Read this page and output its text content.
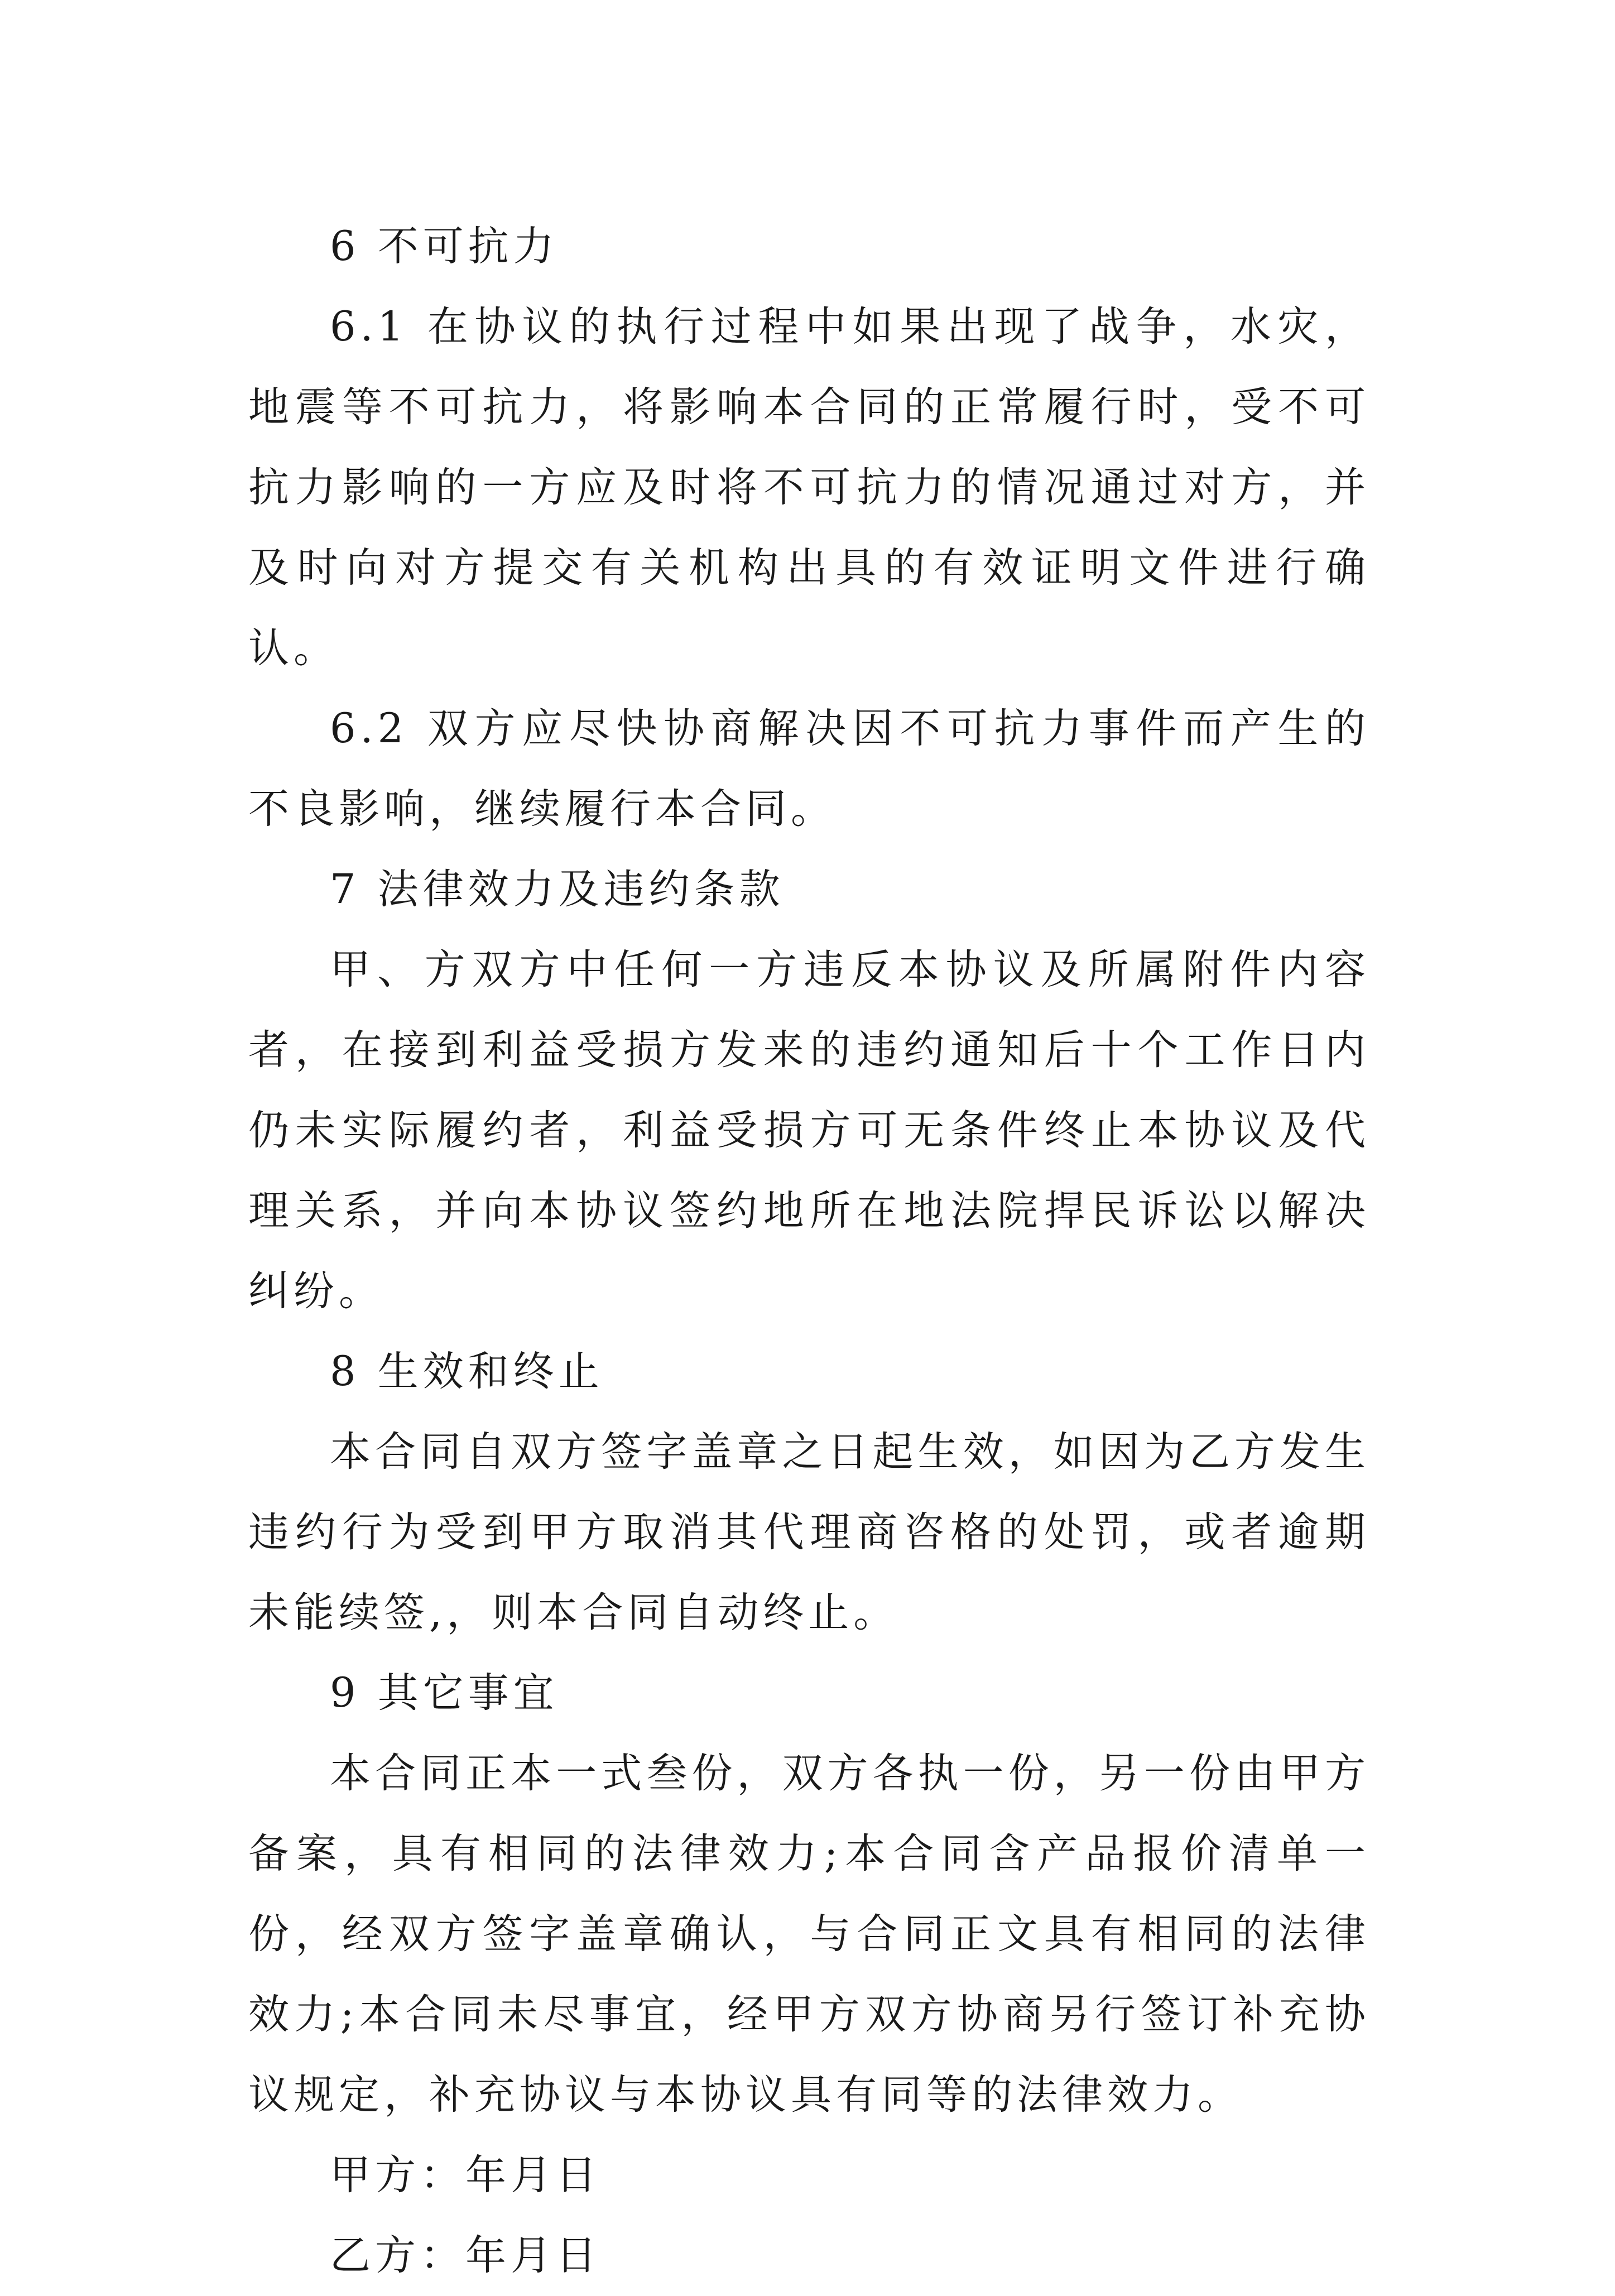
6 不可抗力

6.1 在协议的执行过程中如果出现了战争，水灾，地震等不可抗力，将影响本合同的正常履行时，受不可抗力影响的一方应及时将不可抗力的情况通过对方，并及时向对方提交有关机构出具的有效证明文件进行确认。

6.2 双方应尽快协商解决因不可抗力事件而产生的不良影响，继续履行本合同。

7 法律效力及违约条款

甲、方双方中任何一方违反本协议及所属附件内容者，在接到利益受损方发来的违约通知后十个工作日内仍未实际履约者，利益受损方可无条件终止本协议及代理关系，并向本协议签约地所在地法院捍民诉讼以解决纠纷。

8 生效和终止

本合同自双方签字盖章之日起生效，如因为乙方发生违约行为受到甲方取消其代理商咨格的处罚，或者逾期未能续签,，则本合同自动终止。

9 其它事宜

本合同正本一式叁份，双方各执一份，另一份由甲方备案，具有相同的法律效力;本合同含产品报价清单一份，经双方签字盖章确认，与合同正文具有相同的法律效力;本合同未尽事宜，经甲方双方协商另行签订补充协议规定，补充协议与本协议具有同等的法律效力。

甲方：年月日

乙方：年月日
